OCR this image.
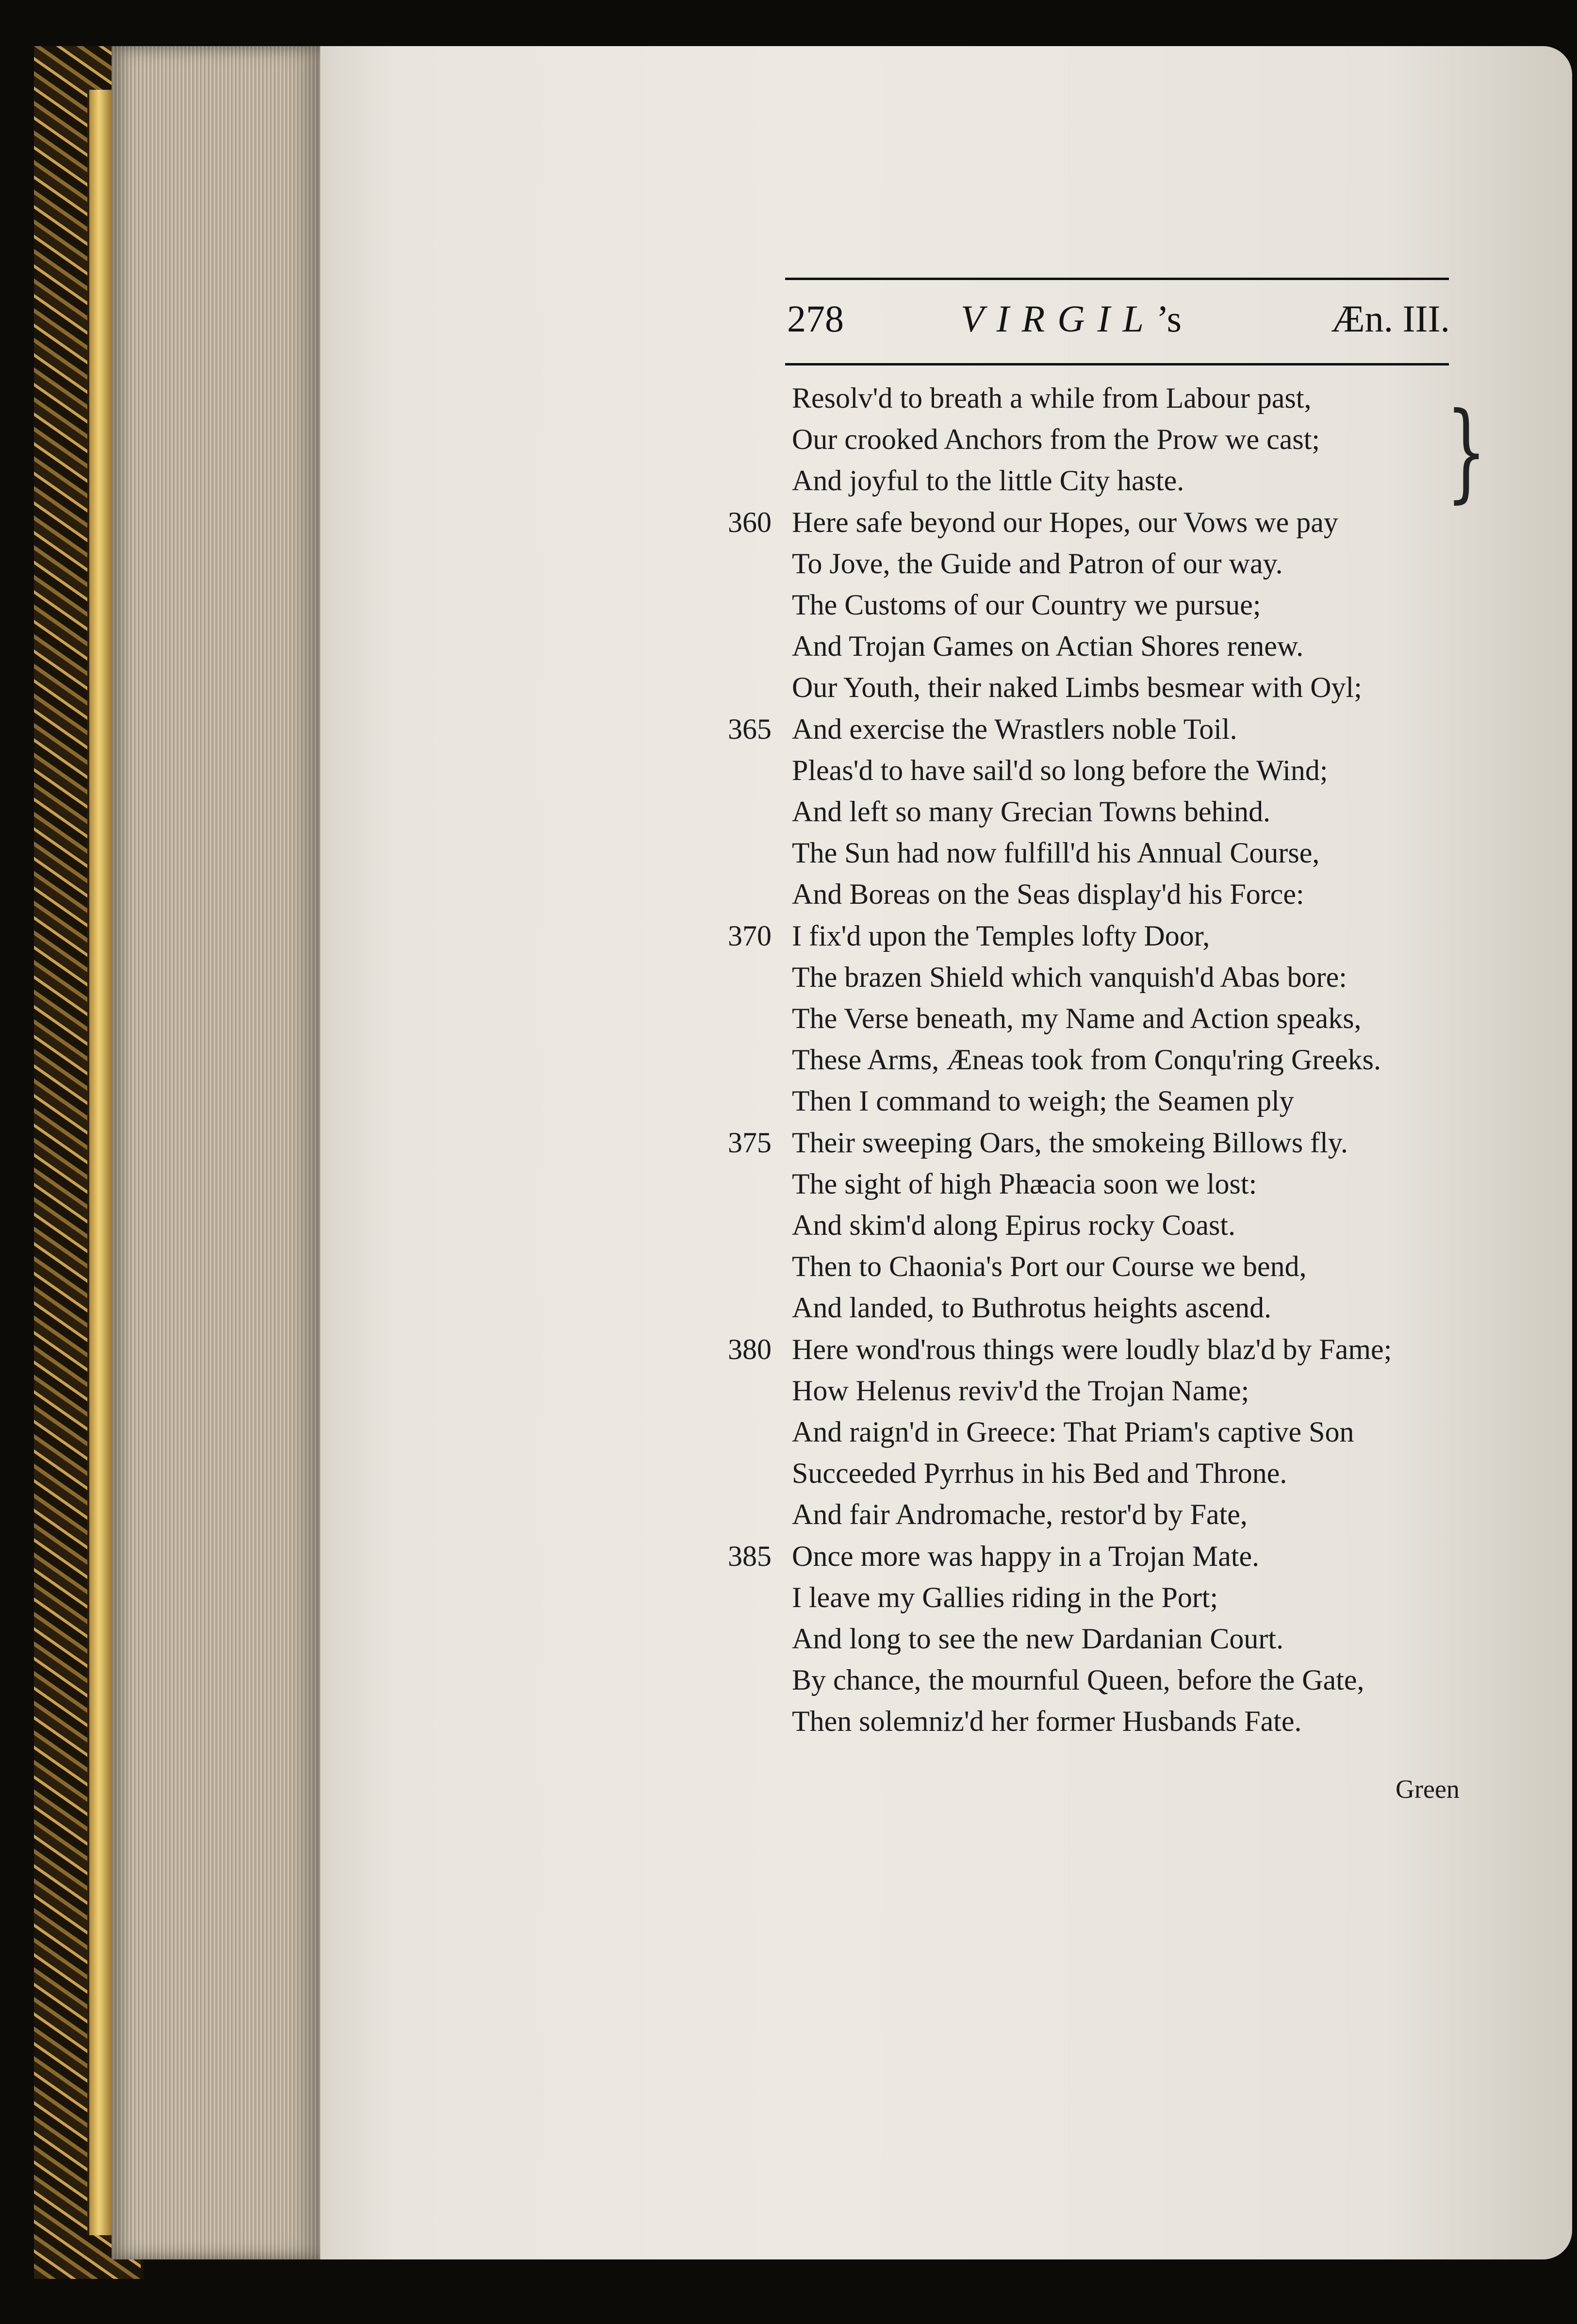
278	VIRGIL’s	Æn. III.
}
Resolv'd to breath a while from Labour past,
Our crooked Anchors from the Prow we cast;
And joyful to the little City haste.
Here safe beyond our Hopes, our Vows we pay
360
To Jove, the Guide and Patron of our way.
The Customs of our Country we pursue;
And Trojan Games on Actian Shores renew.
Our Youth, their naked Limbs besmear with Oyl;
And exercise the Wrastlers noble Toil.
365
Pleas'd to have sail'd so long before the Wind;
And left so many Grecian Towns behind.
The Sun had now fulfill'd his Annual Course,
And Boreas on the Seas display'd his Force:
I fix'd upon the Temples lofty Door,
370
The brazen Shield which vanquish'd Abas bore:
The Verse beneath, my Name and Action speaks,
These Arms, Æneas took from Conqu'ring Greeks.
Then I command to weigh; the Seamen ply
Their sweeping Oars, the smokeing Billows fly.
375
The sight of high Phæacia soon we lost:
And skim'd along Epirus rocky Coast.
Then to Chaonia's Port our Course we bend,
And landed, to Buthrotus heights ascend.
Here wond'rous things were loudly blaz'd by Fame;
380
How Helenus reviv'd the Trojan Name;
And raign'd in Greece: That Priam's captive Son
Succeeded Pyrrhus in his Bed and Throne.
And fair Andromache, restor'd by Fate,
Once more was happy in a Trojan Mate.
385
I leave my Gallies riding in the Port;
And long to see the new Dardanian Court.
By chance, the mournful Queen, before the Gate,
Then solemniz'd her former Husbands Fate.
Green
